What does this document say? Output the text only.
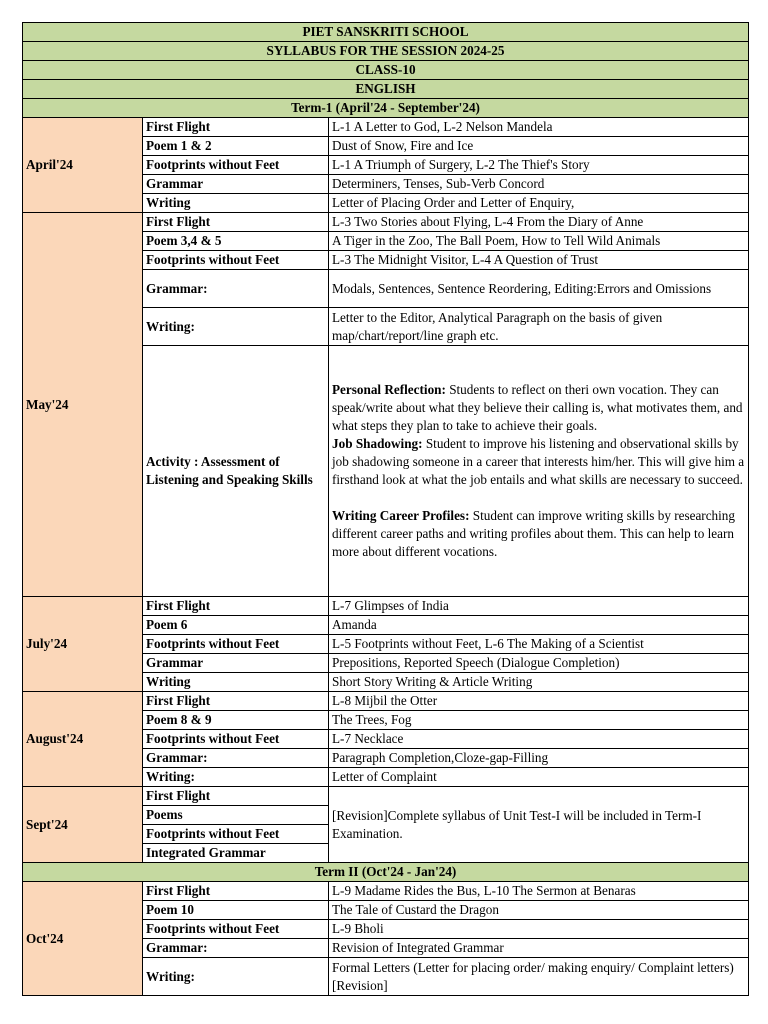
PIET SANSKRITI SCHOOL		
SYLLABUS FOR THE SESSION 2024-25		
CLASS-10		
ENGLISH		
Term-1 (April'24 - September'24)		
April'24	First Flight	L-1 A Letter to God, L-2 Nelson Mandela
	Poem 1 & 2	Dust of Snow, Fire and Ice
	Footprints without Feet	L-1 A Triumph of Surgery, L-2 The Thief's Story
	Grammar	Determiners, Tenses, Sub-Verb Concord
	Writing	Letter of Placing Order and Letter of Enquiry,
May'24	First Flight	L-3 Two Stories about Flying, L-4 From the Diary of Anne
	Poem 3,4 & 5	A Tiger in the Zoo, The Ball Poem, How to Tell Wild Animals
	Footprints without Feet	L-3 The Midnight Visitor, L-4 A Question of Trust
	Grammar:	Modals, Sentences, Sentence Reordering, Editing:Errors and Omissions
	Writing:	Letter to the Editor, Analytical Paragraph on the basis of given map/chart/report/line graph etc.
	Activity : Assessment of Listening and Speaking Skills	Personal Reflection: Students to reflect on theri own vocation. They can speak/write about what they believe their calling is, what motivates them, and what steps they plan to take to achieve their goals.
Job Shadowing: Student to improve his listening and observational skills by job shadowing someone in a career that interests him/her. This will give him a firsthand look at what the job entails and what skills are necessary to succeed.
Writing Career Profiles: Student can improve writing skills by researching different career paths and writing profiles about them. This can help to learn more about different vocations.

July'24	First Flight	L-7 Glimpses of India
	Poem 6	Amanda
	Footprints without Feet	L-5 Footprints without Feet, L-6 The Making of a Scientist
	Grammar	Prepositions, Reported Speech (Dialogue Completion)
	Writing	Short Story Writing & Article Writing
August'24	First Flight	L-8 Mijbil the Otter
	Poem 8 & 9	The Trees, Fog
	Footprints without Feet	L-7 Necklace
	Grammar:	Paragraph Completion,Cloze-gap-Filling
	Writing:	Letter of Complaint
Sept'24	First Flight	[Revision]Complete syllabus of Unit Test-I will be included in Term-I
Examination.

	Poems	
	Footprints without Feet	
	Integrated Grammar	
Term II (Oct'24 - Jan'24)		
Oct'24	First Flight	L-9 Madame Rides the Bus, L-10 The Sermon at Benaras
	Poem 10	The Tale of Custard the Dragon
	Footprints without Feet	L-9 Bholi
	Grammar:	Revision of Integrated Grammar
	Writing:	Formal Letters (Letter for placing order/ making enquiry/ Complaint letters) [Revision]
